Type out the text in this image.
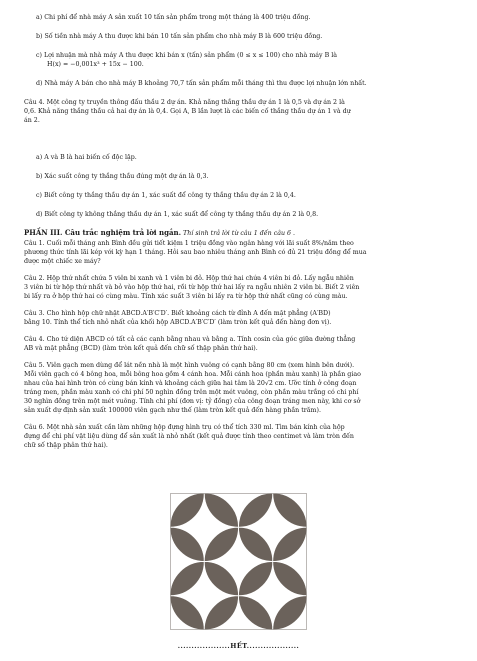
a) Chi phí để nhà máy A sản xuất 10 tấn sản phẩm trong một tháng là 400 triệu đồng.
b) Số tiền nhà máy A thu được khi bán 10 tấn sản phẩm cho nhà máy B là 600 triệu đồng.
c) Lợi nhuận mà nhà máy A thu được khi bán x (tấn) sản phẩm (0 ≤ x ≤ 100) cho nhà máy B là
H(x) = −0,001x³ + 15x − 100.
d) Nhà máy A bán cho nhà máy B khoảng 70,7 tấn sản phẩm mỗi tháng thì thu được lợi nhuận lớn nhất.
Câu 4. Một công ty truyền thông đấu thầu 2 dự án. Khả năng thắng thầu dự án 1 là 0,5 và dự án 2 là
0,6. Khả năng thắng thầu cả hai dự án là 0,4. Gọi A, B lần lượt là các biến cố thắng thầu dự án 1 và dự
án 2.
a) A và B là hai biến cố độc lập.
b) Xác suất công ty thắng thầu đúng một dự án là 0,3.
c) Biết công ty thắng thầu dự án 1, xác suất để công ty thắng thầu dự án 2 là 0,4.
d) Biết công ty không thắng thầu dự án 1, xác suất để công ty thắng thầu dự án 2 là 0,8.
PHẦN III. Câu trắc nghiệm trả lời ngắn. Thí sinh trả lời từ câu 1 đến câu 6 .
Câu 1. Cuối mỗi tháng anh Bình đều gửi tiết kiệm 1 triệu đồng vào ngân hàng với lãi suất 8%/năm theo
phương thức tính lãi kép với kỳ hạn 1 tháng. Hỏi sau bao nhiêu tháng anh Bình có đủ 21 triệu đồng để mua
được một chiếc xe máy?
Câu 2. Hộp thứ nhất chứa 5 viên bi xanh và 1 viên bi đỏ. Hộp thứ hai chứa 4 viên bi đỏ. Lấy ngẫu nhiên
3 viên bi từ hộp thứ nhất và bỏ vào hộp thứ hai, rồi từ hộp thứ hai lấy ra ngẫu nhiên 2 viên bi. Biết 2 viên
bi lấy ra ở hộp thứ hai có cùng màu. Tính xác suất 3 viên bi lấy ra từ hộp thứ nhất cũng có cùng màu.
Câu 3. Cho hình hộp chữ nhật ABCD.A′B′C′D′. Biết khoảng cách từ đỉnh A đến mặt phẳng (A′BD)
bằng 10. Tính thể tích nhỏ nhất của khối hộp ABCD.A′B′C′D′ (làm tròn kết quả đến hàng đơn vị).
Câu 4. Cho tứ diện ABCD có tất cả các cạnh bằng nhau và bằng a. Tính cosin của góc giữa đường thẳng
AB và mặt phẳng (BCD) (làm tròn kết quả đến chữ số thập phân thứ hai).
Câu 5. Viên gạch men dùng để lát nền nhà là một hình vuông có cạnh bằng 80 cm (xem hình bên dưới).
Mỗi viên gạch có 4 bông hoa, mỗi bông hoa gồm 4 cánh hoa. Mỗi cánh hoa (phần màu xanh) là phần giao
nhau của hai hình tròn có cùng bán kính và khoảng cách giữa hai tâm là 20√2 cm. Ước tính ở công đoạn
tráng men, phần màu xanh có chi phí 50 nghìn đồng trên một mét vuông, còn phần màu trắng có chi phí
30 nghìn đồng trên một mét vuông. Tính chi phí (đơn vị: tỷ đồng) của công đoạn tráng men này, khi cơ sở
sản xuất dự định sản xuất 100000 viên gạch như thế (làm tròn kết quả đến hàng phần trăm).
Câu 6. Một nhà sản xuất cần làm những hộp đựng hình trụ có thể tích 330 ml. Tìm bán kính của hộp
đựng để chi phí vật liệu dùng để sản xuất là nhỏ nhất (kết quả được tính theo centimet và làm tròn đến
chữ số thập phân thứ hai).
...................HẾT...................
